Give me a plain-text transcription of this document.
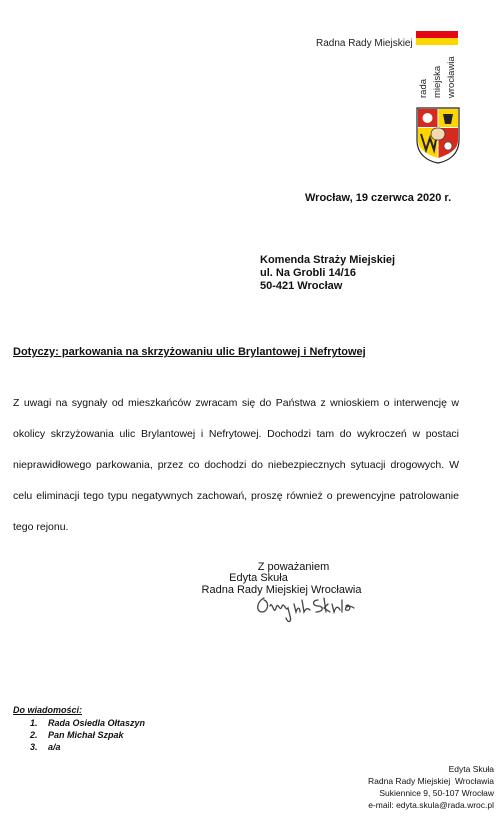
Radna Rady Miejskiej
rada miejska wrocławia
Wrocław, 19 czerwca 2020 r.
Komenda Straży Miejskiej
ul. Na Grobli 14/16
50-421 Wrocław
Dotyczy: parkowania na skrzyżowaniu ulic Brylantowej i Nefrytowej

Z uwagi na sygnały od mieszkańców zwracam się do Państwa z wnioskiem o interwencję w okolicy skrzyżowania ulic Brylantowej i Nefrytowej. Dochodzi tam do wykroczeń w postaci nieprawidłowego parkowania, przez co dochodzi do niebezpiecznych sytuacji drogowych. W celu eliminacji tego typu negatywnych zachowań, proszę również o prewencyjne patrolowanie tego rejonu.

Z poważaniem
Edyta Skuła
Radna Rady Miejskiej Wrocławia
Do wiadomości:
1. Rada Osiedla Ołtaszyn
2. Pan Michał Szpak
3. a/a
Edyta Skuła
Radna Rady Miejskiej  Wrocławia
Sukiennice 9, 50-107 Wrocław
e-mail: edyta.skula@rada.wroc.pl
